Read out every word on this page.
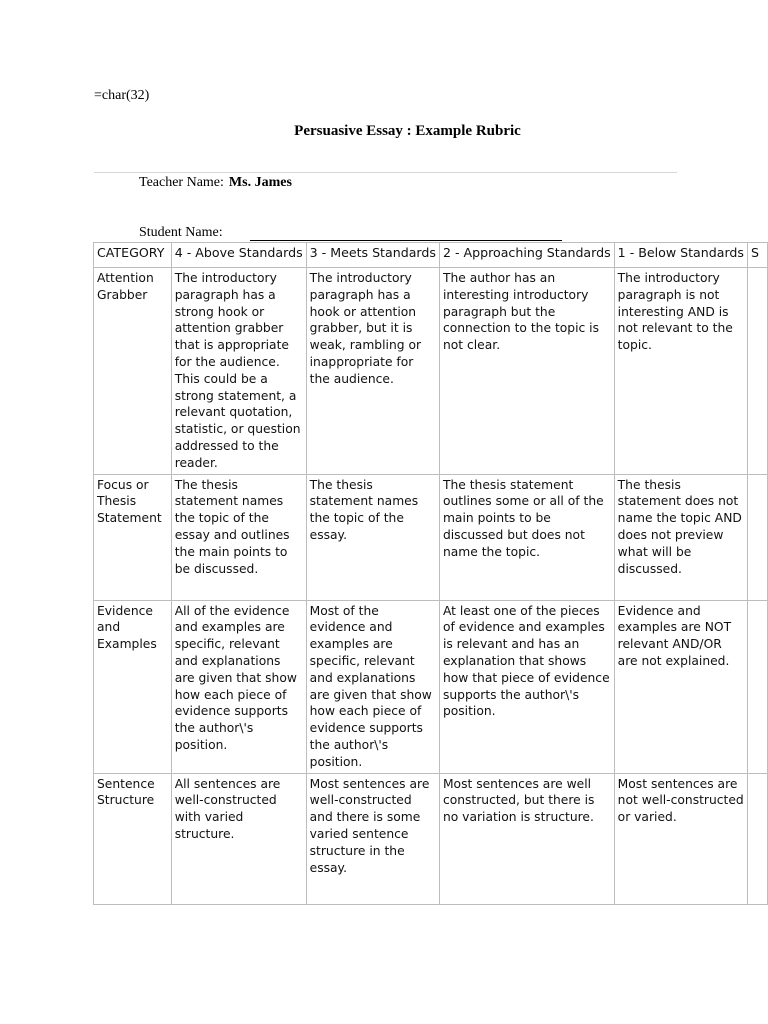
=char(32)
Persuasive Essay : Example Rubric
Teacher Name: Ms. James
Student Name:
CATEGORY	4 - Above Standards	3 - Meets Standards	2 - Approaching Standards	1 - Below Standards	S
Attention Grabber	The introductory paragraph has a strong hook or attention grabber that is appropriate for the audience. This could be a strong statement, a relevant quotation, statistic, or question addressed to the reader.	The introductory paragraph has a hook or attention grabber, but it is weak, rambling or inappropriate for the audience.	The author has an interesting introductory paragraph but the connection to the topic is not clear.	The introductory paragraph is not interesting AND is not relevant to the topic.	
Focus or Thesis Statement	The thesis statement names the topic of the essay and outlines the main points to be discussed.	The thesis statement names the topic of the essay.	The thesis statement outlines some or all of the main points to be discussed but does not name the topic.	The thesis statement does not name the topic AND does not preview what will be discussed.	
Evidence and Examples	All of the evidence and examples are specific, relevant and explanations are given that show how each piece of evidence supports the author\'s position.	Most of the evidence and examples are specific, relevant and explanations are given that show how each piece of evidence supports the author\'s position.	At least one of the pieces of evidence and examples is relevant and has an explanation that shows how that piece of evidence supports the author\'s position.	Evidence and examples are NOT relevant AND/OR are not explained.	
Sentence Structure	All sentences are well-constructed with varied structure.	Most sentences are well-constructed and there is some varied sentence structure in the essay.	Most sentences are well constructed, but there is no variation is structure.	Most sentences are not well-constructed or varied.	
